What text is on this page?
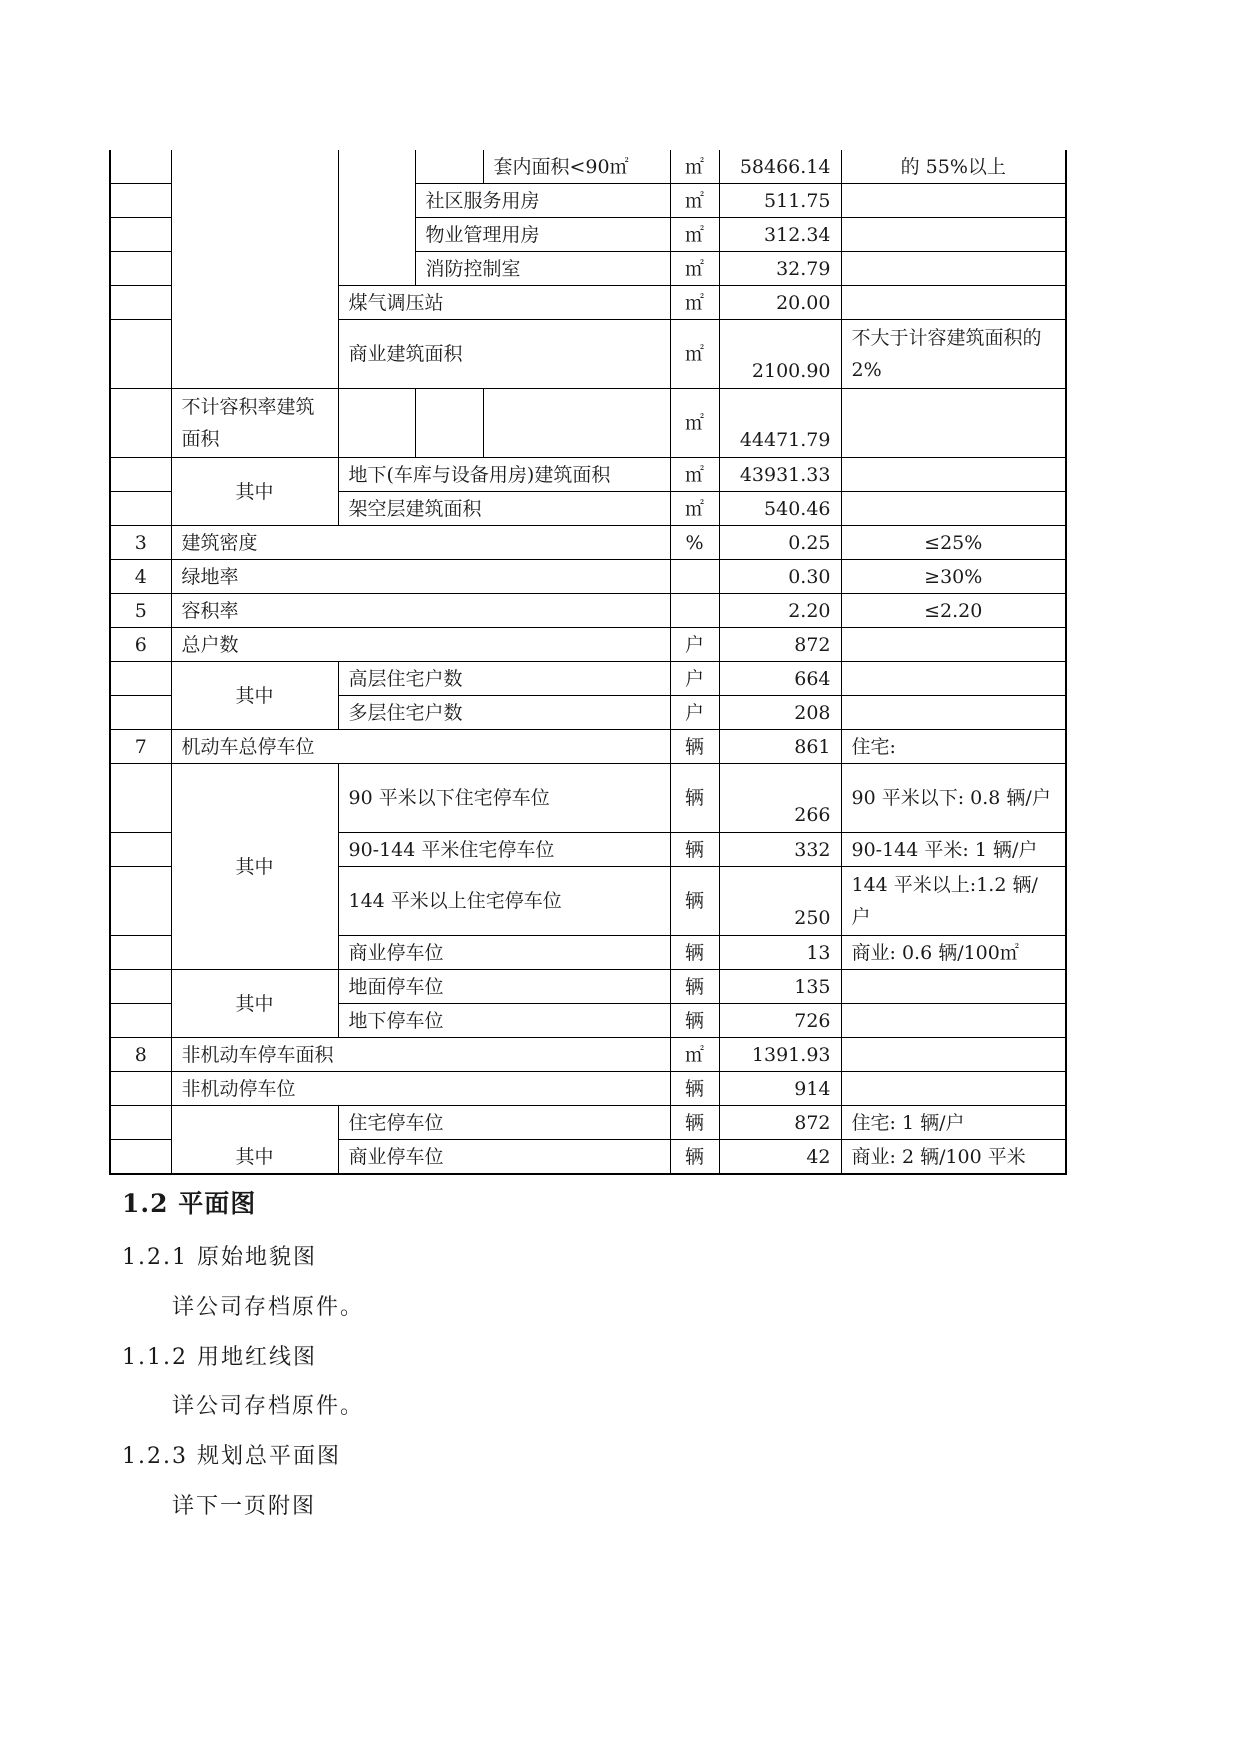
				套内面积<90㎡	㎡	58466.14	的 55%以上
			社区服务用房		㎡	511.75	
			物业管理用房		㎡	312.34	
			消防控制室		㎡	32.79	
		煤气调压站			㎡	20.00	
		商业建筑面积			㎡	2100.90	不大于计容建筑面积的 2%
	不计容积率建筑面积				㎡	44471.79	
	其中	地下(车库与设备用房)建筑面积			㎡	43931.33	
		架空层建筑面积			㎡	540.46	
3	建筑密度				%	0.25	≤25%
4	绿地率					0.30	≥30%
5	容积率					2.20	≤2.20
6	总户数				户	872	
	其中	高层住宅户数			户	664	
		多层住宅户数			户	208	
7	机动车总停车位				辆	861	住宅:
	其中	90 平米以下住宅停车位			辆	266	90 平米以下: 0.8 辆/户
		90-144 平米住宅停车位			辆	332	90-144 平米: 1 辆/户
		144 平米以上住宅停车位			辆	250	144 平米以上:1.2 辆/户
		商业停车位			辆	13	商业: 0.6 辆/100㎡
	其中	地面停车位			辆	135	
		地下停车位			辆	726	
8	非机动车停车面积				㎡	1391.93	
	非机动停车位				辆	914	
	其中	住宅停车位			辆	872	住宅: 1 辆/户
		商业停车位			辆	42	商业: 2 辆/100 平米
1.2 平面图

1.2.1 原始地貌图

详公司存档原件。

1.1.2 用地红线图

详公司存档原件。

1.2.3 规划总平面图

详下一页附图
